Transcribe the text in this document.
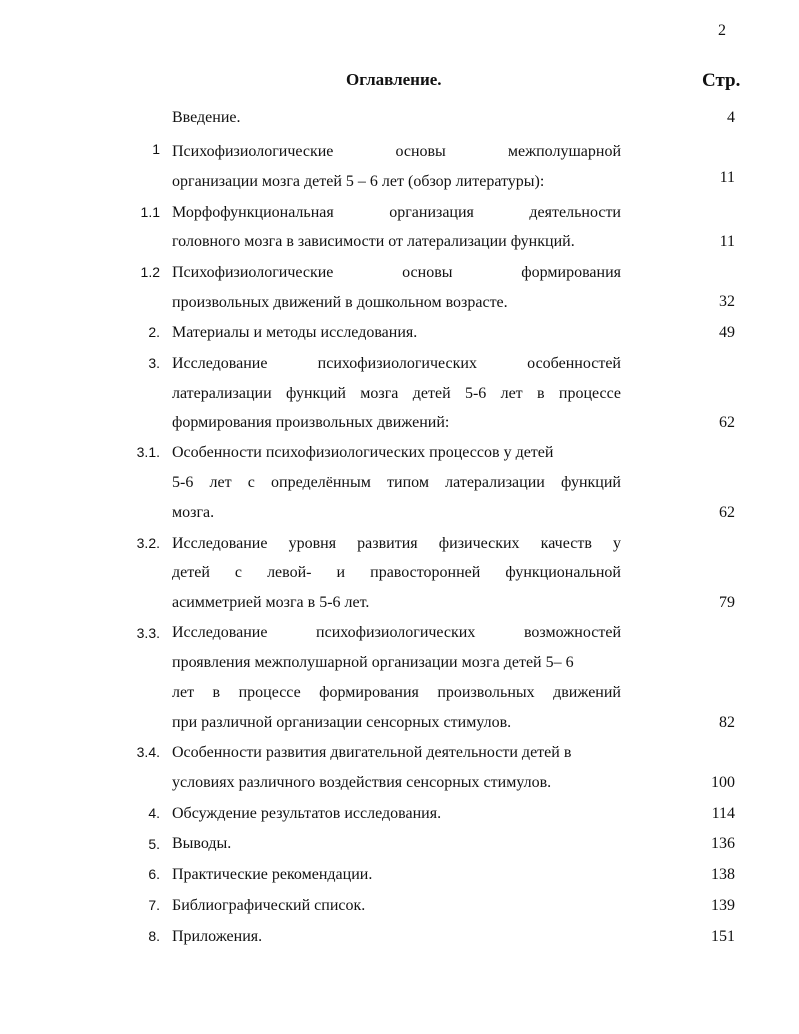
2
Оглавление.	Стр.
Введение.	4
1 Психофизиологические основы межполушарной
организации мозга детей 5 – 6 лет (обзор литературы):	11
1.1 Морфофункциональная организация деятельности
головного мозга в зависимости от латерализации функций.	11
1.2 Психофизиологические основы формирования
произвольных движений в дошкольном возрасте.	32
2. Материалы и методы исследования.	49
3. Исследование психофизиологических особенностей
латерализации функций мозга детей 5-6 лет в процессе
формирования произвольных движений:	62
3.1. Особенности психофизиологических процессов у детей
5-6 лет с определённым типом латерализации функций
мозга.	62
3.2. Исследование уровня развития физических качеств у
детей с левой- и правосторонней функциональной
асимметрией мозга в 5-6 лет.	79
3.3. Исследование психофизиологических возможностей
проявления межполушарной организации мозга детей 5– 6
лет в процессе формирования произвольных движений
при различной организации сенсорных стимулов.	82
3.4. Особенности развития двигательной деятельности детей в
условиях различного воздействия сенсорных стимулов.	100
4. Обсуждение результатов исследования.	114
5. Выводы.	136
6. Практические рекомендации.	138
7. Библиографический список.	139
8. Приложения.	151
